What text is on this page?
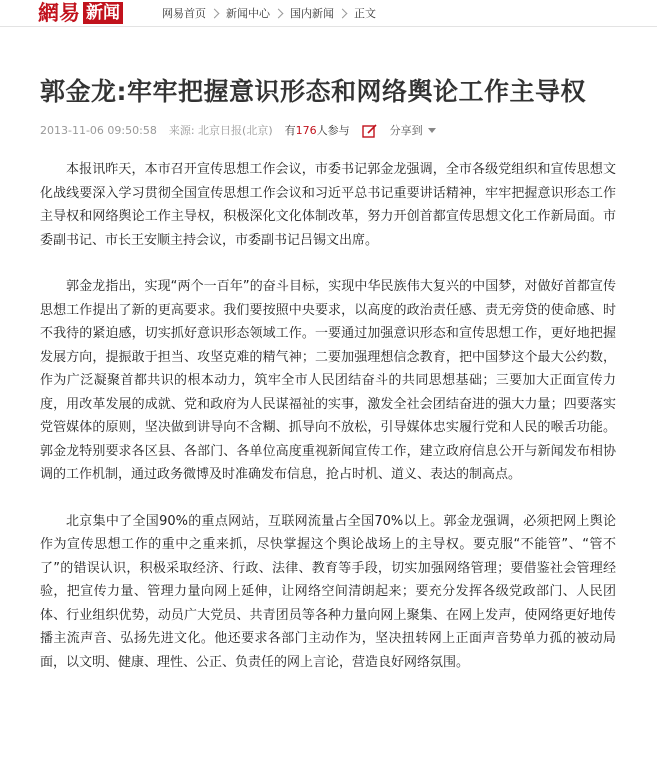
網易 新闻	网易首页 新闻中心 国内新闻 正文
郭金龙:牢牢把握意识形态和网络舆论工作主导权
2013-11-06 09:50:58 来源: 北京日报(北京) 有176人参与	分享到

本报讯昨天，本市召开宣传思想工作会议，市委书记郭金龙强调，全市各级党组织和宣传思想文化战线要深入学习贯彻全国宣传思想工作会议和习近平总书记重要讲话精神，牢牢把握意识形态工作主导权和网络舆论工作主导权，积极深化文化体制改革，努力开创首都宣传思想文化工作新局面。市委副书记、市长王安顺主持会议，市委副书记吕锡文出席。

郭金龙指出，实现“两个一百年”的奋斗目标，实现中华民族伟大复兴的中国梦，对做好首都宣传思想工作提出了新的更高要求。我们要按照中央要求，以高度的政治责任感、责无旁贷的使命感、时不我待的紧迫感，切实抓好意识形态领域工作。一要通过加强意识形态和宣传思想工作，更好地把握发展方向，提振敢于担当、攻坚克难的精气神；二要加强理想信念教育，把中国梦这个最大公约数，作为广泛凝聚首都共识的根本动力，筑牢全市人民团结奋斗的共同思想基础；三要加大正面宣传力度，用改革发展的成就、党和政府为人民谋福祉的实事，激发全社会团结奋进的强大力量；四要落实党管媒体的原则，坚决做到讲导向不含糊、抓导向不放松，引导媒体忠实履行党和人民的喉舌功能。郭金龙特别要求各区县、各部门、各单位高度重视新闻宣传工作，建立政府信息公开与新闻发布相协调的工作机制，通过政务微博及时准确发布信息，抢占时机、道义、表达的制高点。

北京集中了全国90%的重点网站，互联网流量占全国70%以上。郭金龙强调，必须把网上舆论作为宣传思想工作的重中之重来抓，尽快掌握这个舆论战场上的主导权。要克服“不能管”、“管不了”的错误认识，积极采取经济、行政、法律、教育等手段，切实加强网络管理；要借鉴社会管理经验，把宣传力量、管理力量向网上延伸，让网络空间清朗起来；要充分发挥各级党政部门、人民团体、行业组织优势，动员广大党员、共青团员等各种力量向网上聚集、在网上发声，使网络更好地传播主流声音、弘扬先进文化。他还要求各部门主动作为，坚决扭转网上正面声音势单力孤的被动局面，以文明、健康、理性、公正、负责任的网上言论，营造良好网络氛围。
